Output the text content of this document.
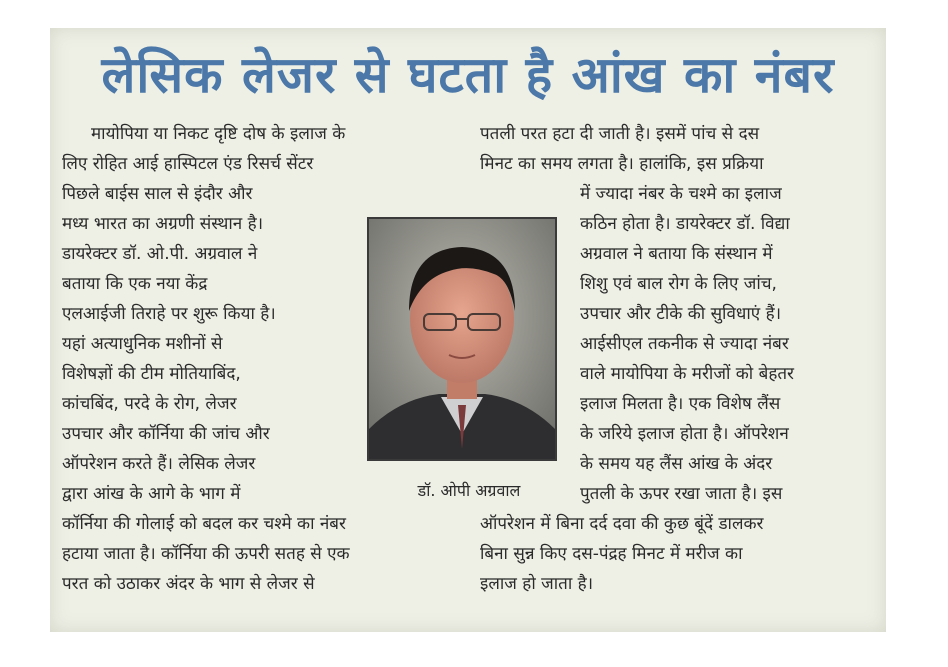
लेसिक लेजर से घटता है आंख का नंबर
मायोपिया या निकट दृष्टि दोष के इलाज के
लिए रोहित आई हास्पिटल एंड रिसर्च सेंटर
पिछले बाईस साल से इंदौर और
मध्य भारत का अग्रणी संस्थान है।
डायरेक्टर डॉ. ओ.पी. अग्रवाल ने
बताया कि एक नया केंद्र
एलआईजी तिराहे पर शुरू किया है।
यहां अत्याधुनिक मशीनों से
विशेषज्ञों की टीम मोतियाबिंद,
कांचबिंद, परदे के रोग, लेजर
उपचार और कॉर्निया की जांच और
ऑपरेशन करते हैं। लेसिक लेजर
द्वारा आंख के आगे के भाग में
कॉर्निया की गोलाई को बदल कर चश्मे का नंबर
हटाया जाता है। कॉर्निया की ऊपरी सतह से एक
परत को उठाकर अंदर के भाग से लेजर से
डॉ. ओपी अग्रवाल
पतली परत हटा दी जाती है। इसमें पांच से दस
मिनट का समय लगता है। हालांकि, इस प्रक्रिया
में ज्यादा नंबर के चश्मे का इलाज
कठिन होता है। डायरेक्टर डॉ. विद्या
अग्रवाल ने बताया कि संस्थान में
शिशु एवं बाल रोग के लिए जांच,
उपचार और टीके की सुविधाएं हैं।
आईसीएल तकनीक से ज्यादा नंबर
वाले मायोपिया के मरीजों को बेहतर
इलाज मिलता है। एक विशेष लैंस
के जरिये इलाज होता है। ऑपरेशन
के समय यह लैंस आंख के अंदर
पुतली के ऊपर रखा जाता है। इस
ऑपरेशन में बिना दर्द दवा की कुछ बूंदें डालकर
बिना सुन्न किए दस-पंद्रह मिनट में मरीज का
इलाज हो जाता है।
